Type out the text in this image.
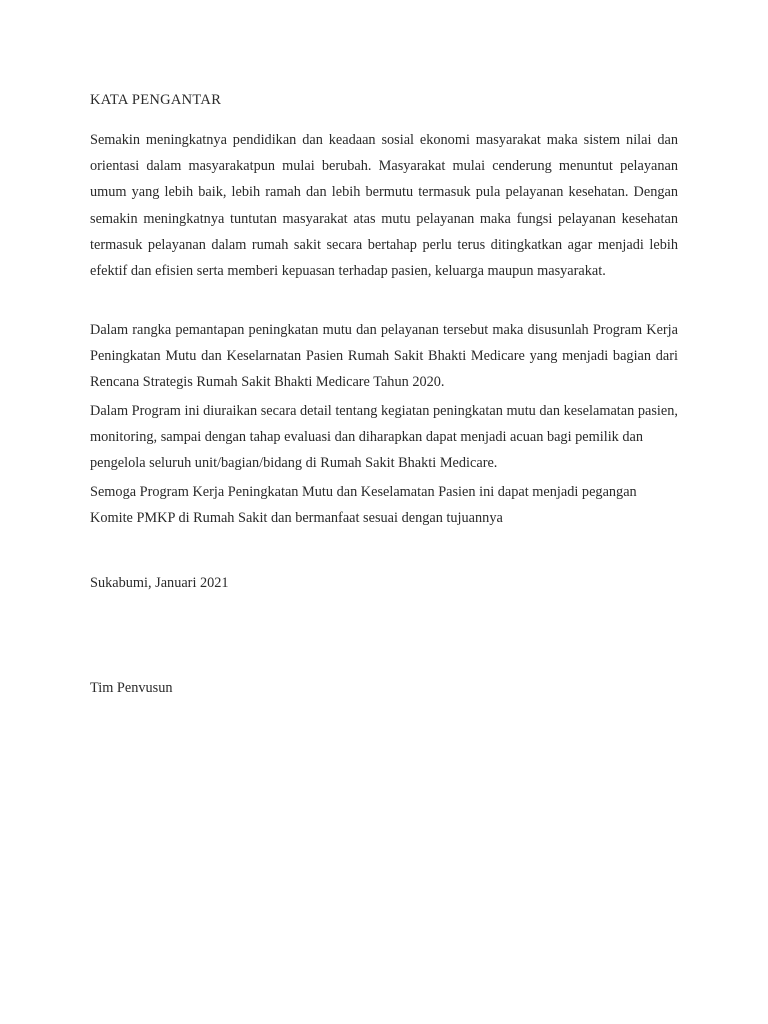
KATA PENGANTAR

Semakin meningkatnya pendidikan dan keadaan sosial ekonomi masyarakat maka sistem nilai dan orientasi dalam masyarakatpun mulai berubah. Masyarakat mulai cenderung menuntut pelayanan umum yang lebih baik, lebih ramah dan lebih bermutu termasuk pula pelayanan kesehatan. Dengan semakin meningkatnya tuntutan masyarakat atas mutu pelayanan maka fungsi pelayanan kesehatan termasuk pelayanan dalam rumah sakit secara bertahap perlu terus ditingkatkan agar menjadi lebih efektif dan efisien serta memberi kepuasan terhadap pasien, keluarga maupun masyarakat.

Dalam rangka pemantapan peningkatan mutu dan pelayanan tersebut maka disusunlah Program Kerja Peningkatan Mutu dan Keselarnatan Pasien Rumah Sakit Bhakti Medicare yang menjadi bagian dari Rencana Strategis Rumah Sakit Bhakti Medicare Tahun 2020.

Dalam Program ini diuraikan secara detail tentang kegiatan peningkatan mutu dan keselamatan pasien, monitoring, sampai dengan tahap evaluasi dan diharapkan dapat menjadi acuan bagi pemilik dan pengelola seluruh unit/bagian/bidang di Rumah Sakit Bhakti Medicare.

Semoga Program Kerja Peningkatan Mutu dan Keselamatan Pasien ini dapat menjadi pegangan Komite PMKP di Rumah Sakit dan bermanfaat sesuai dengan tujuannya

Sukabumi, Januari 2021
Tim Penvusun
